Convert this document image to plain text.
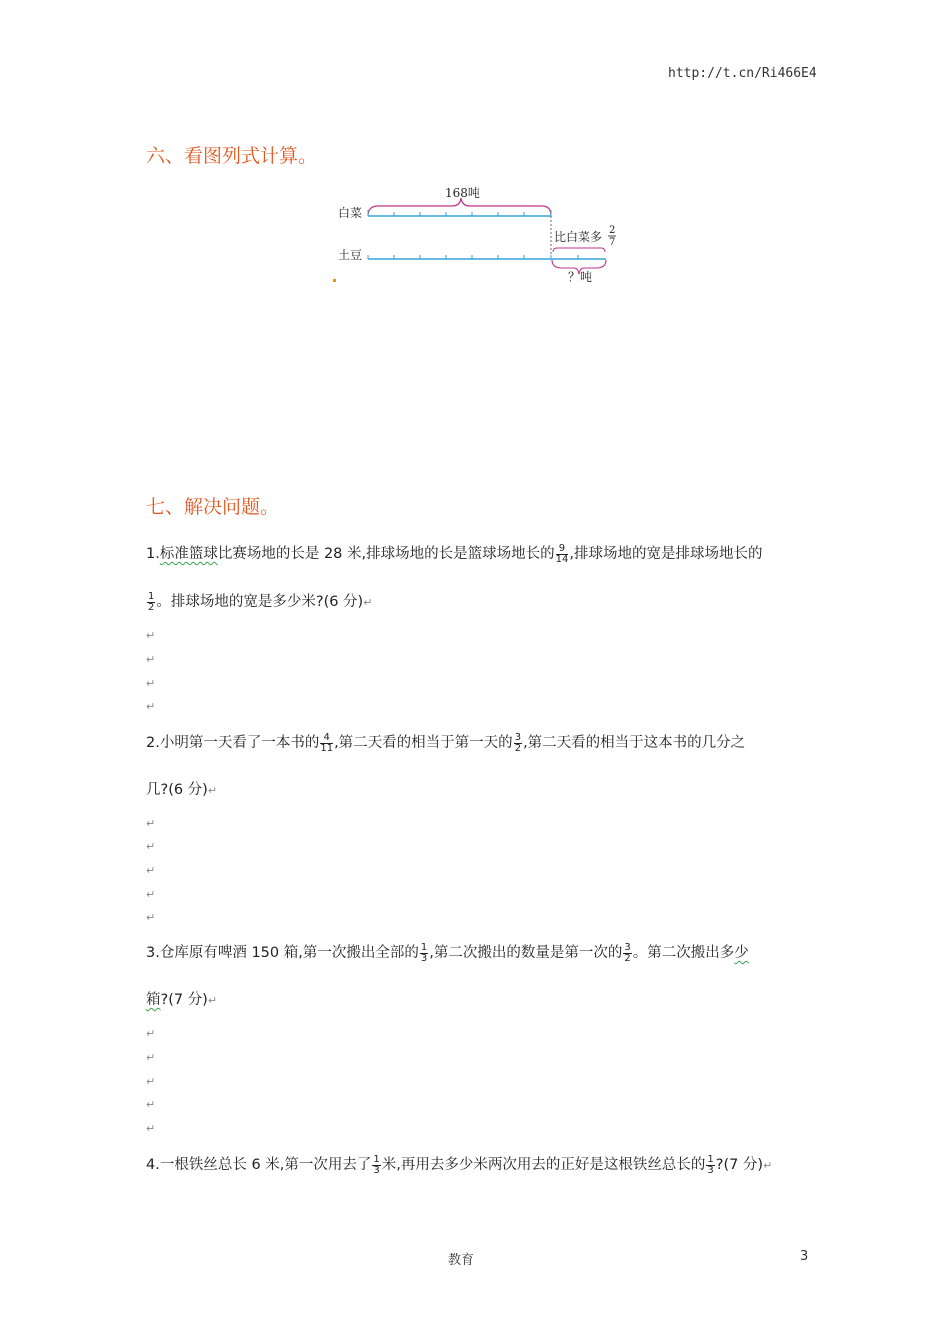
http://t.cn/Ri466E4
六、看图列式计算。
白菜
土豆
168吨
比白菜多 2
7
？吨
七、解决问题。
1.标准篮球比赛场地的长是 28 米,排球场地的长是篮球场地长的 $\frac{9}{14}$ ,排球场地的宽是排球场地长的
$\frac{1}{2}$ 。排球场地的宽是多少米?(6 分)↵
↵
↵
↵
↵
2.小明第一天看了一本书的 $\frac{4}{11}$ ,第二天看的相当于第一天的 $\frac{3}{2}$ ,第二天看的相当于这本书的几分之
几?(6 分)↵
↵
↵
↵
↵
↵
3.仓库原有啤酒 150 箱,第一次搬出全部的 $\frac{1}{3}$ ,第二次搬出的数量是第一次的 $\frac{3}{2}$ 。第二次搬出多少
箱?(7 分)↵
↵
↵
↵
↵
↵
4.一根铁丝总长 6 米,第一次用去了 $\frac{1}{3}$ 米,再用去多少米两次用去的正好是这根铁丝总长的 $\frac{1}{3}$ ?(7 分)↵
教育	3
